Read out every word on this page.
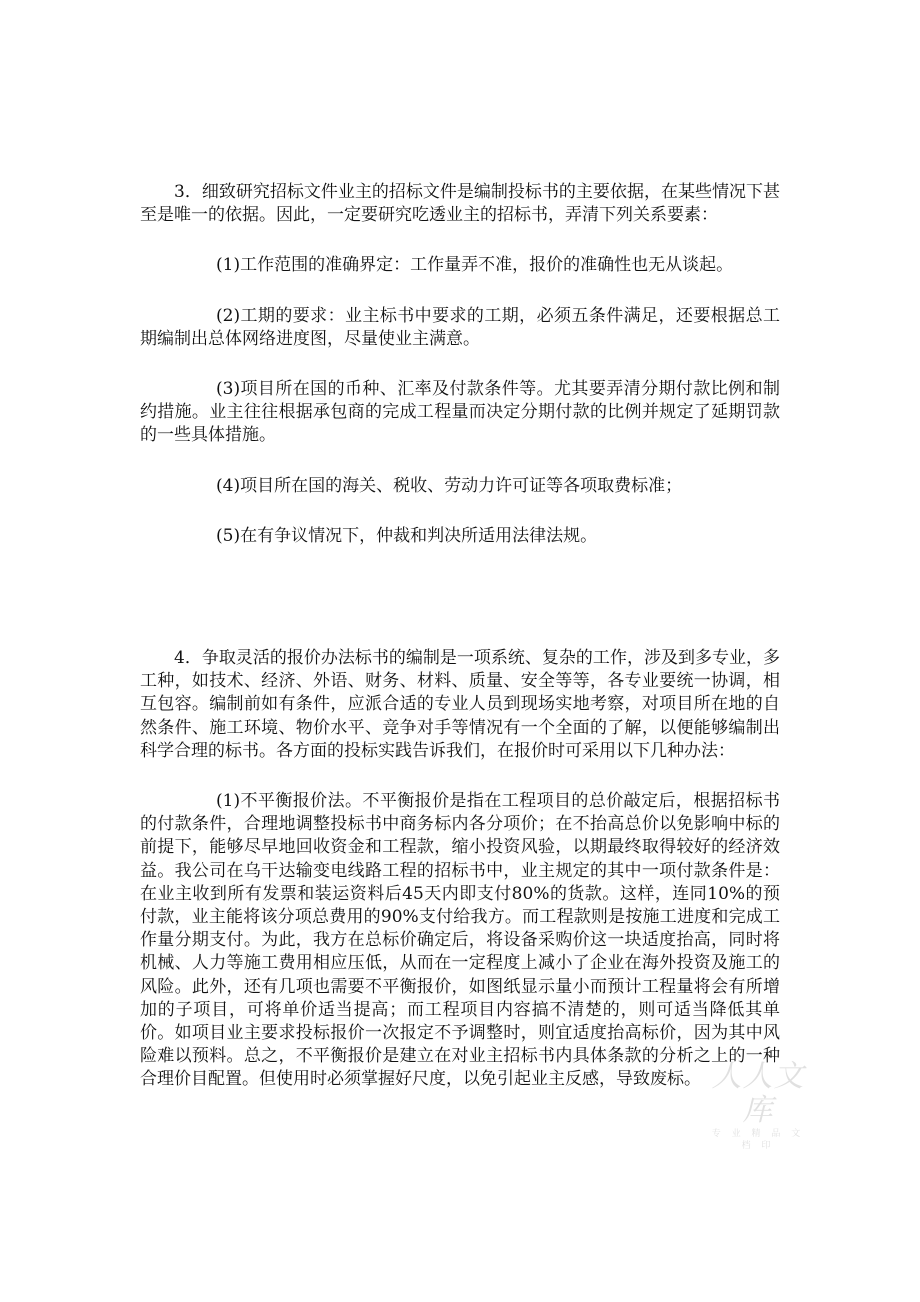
3．细致研究招标文件业主的招标文件是编制投标书的主要依据，在某些情况下甚至是唯一的依据。因此，一定要研究吃透业主的招标书，弄清下列关系要素：

(1)工作范围的准确界定：工作量弄不准，报价的准确性也无从谈起。

(2)工期的要求：业主标书中要求的工期，必须五条件满足，还要根据总工期编制出总体网络进度图，尽量使业主满意。

(3)项目所在国的币种、汇率及付款条件等。尤其要弄清分期付款比例和制约措施。业主往往根据承包商的完成工程量而决定分期付款的比例并规定了延期罚款的一些具体措施。

(4)项目所在国的海关、税收、劳动力许可证等各项取费标准；

(5)在有争议情况下，仲裁和判决所适用法律法规。

4．争取灵活的报价办法标书的编制是一项系统、复杂的工作，涉及到多专业，多工种，如技术、经济、外语、财务、材料、质量、安全等等，各专业要统一协调，相互包容。编制前如有条件，应派合适的专业人员到现场实地考察，对项目所在地的自然条件、施工环境、物价水平、竞争对手等情况有一个全面的了解，以便能够编制出科学合理的标书。各方面的投标实践告诉我们，在报价时可采用以下几种办法：

(1)不平衡报价法。不平衡报价是指在工程项目的总价敲定后，根据招标书的付款条件，合理地调整投标书中商务标内各分项价；在不抬高总价以免影响中标的前提下，能够尽早地回收资金和工程款，缩小投资风验，以期最终取得较好的经济效益。我公司在乌干达输变电线路工程的招标书中，业主规定的其中一项付款条件是：在业主收到所有发票和装运资料后45天内即支付80%的货款。这样，连同10%的预付款，业主能将该分项总费用的90%支付给我方。而工程款则是按施工进度和完成工作量分期支付。为此，我方在总标价确定后，将设备采购价这一块适度抬高，同时将机械、人力等施工费用相应压低，从而在一定程度上减小了企业在海外投资及施工的风险。此外，还有几项也需要不平衡报价，如图纸显示量小而预计工程量将会有所增加的子项目，可将单价适当提高；而工程项目内容搞不清楚的，则可适当降低其单价。如项目业主要求投标报价一次报定不予调整时，则宜适度抬高标价，因为其中风险难以预料。总之，不平衡报价是建立在对业主招标书内具体条款的分析之上的一种合理价目配置。但使用时必须掌握好尺度，以免引起业主反感，导致废标。 人人文库
专 业 精 品 文 档 印
